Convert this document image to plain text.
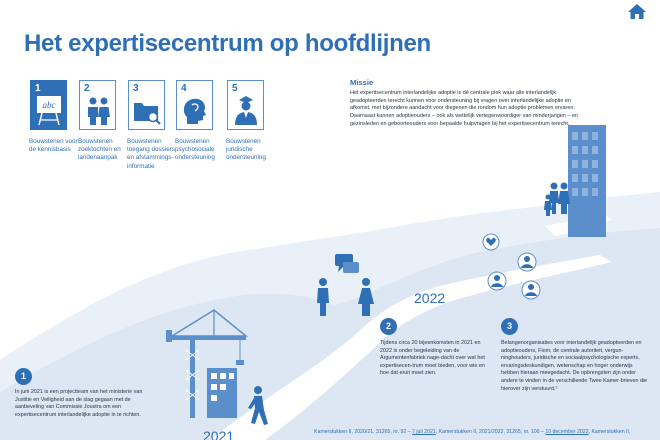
Het expertisecentrum op hoofdlijnen
1
abc
2	3	4	5
Bouwstenen voor de kennisbasis
Bouwstenen zoektochten en landenaanpak
Bouwstenen toegang dossiers en afstammings-informatie
Bouwstenen psychosociale ondersteuning
Bouwstenen juridische ondersteuning
Missie
Het expertisecentrum interlandelijke adoptie is dé centrale plek waar alle interlandelijk geadopteerden terecht kunnen voor ondersteuning bij vragen over interlandelijke adoptie en afkomst, met bijzondere aandacht voor diegenen die rondom hun adoptie problemen ervaren. Daarnaast kunnen adoptieouders – ook als wettelijk vertegenwoordiger van minderjarigen – en gezinsleden en geboorteouders voor bepaalde hulpvragen bij het expertisecentrum terecht.
2022
2021
1
In juni 2021 is een projectteam van het ministerie van Justitie en Veiligheid aan de slag gegaan met de aanbeveling van Commissie Joustra om een expertisecentrum interlandelijke adoptie in te richten.
2
Tijdens circa 20 bijeenkomsten in 2021 en 2022 is onder begeleiding van de Argumentenfabriek nage-dacht over wat het expertisecen-trum moet bieden, voor wie en hoe dat eruit moet zien.
3
Belangenorganisaties voor interlandelijk geadopteerden en adoptieouders, Fiom, de centrale autoriteit, vergun-ninghouders, juridische en sociaalpsychologische experts, ervaringsdeskundigen, wetenschap en hoger onderwijs hebben hieraan meegedacht. De opbrengsten zijn onder andere te vinden in de verschillende Twee Kamer-brieven die hierover zijn verstuurd.¹
Kamerstukken II, 2020/21, 31265, nr. 92 – 7 juli 2021, Kamerstukken II, 2021/2022, 31265, nr. 100 – 10 december 2022, Kamerstukken II,
